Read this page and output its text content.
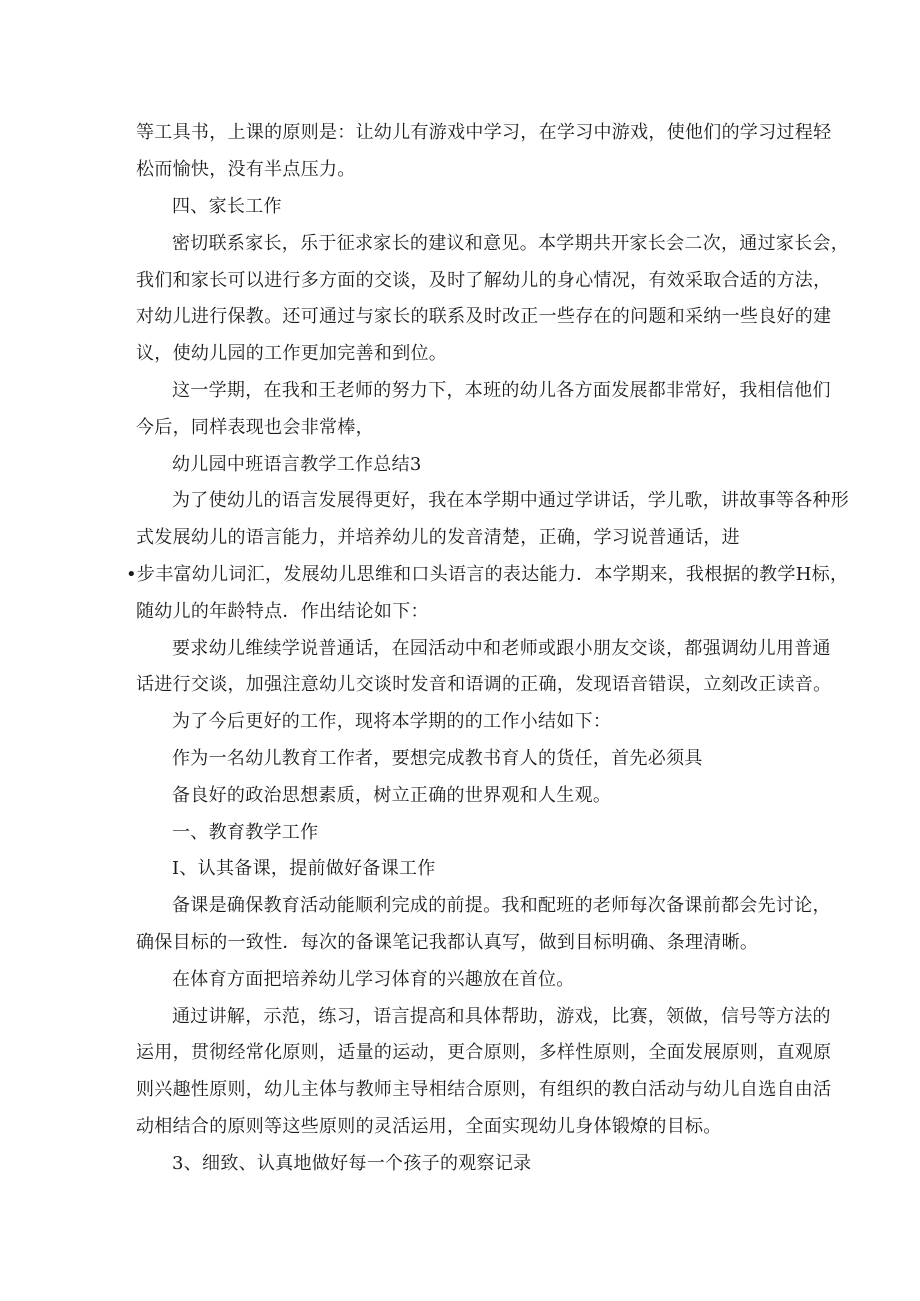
等工具书，上课的原则是：让幼儿有游戏中学习，在学习中游戏，使他们的学习过程轻
松而愉快，没有半点压力。
四、家长工作
密切联系家长，乐于征求家长的建议和意见。本学期共开家长会二次，通过家长会，
我们和家长可以进行多方面的交谈，及时了解幼儿的身心情况，有效采取合适的方法，
对幼儿进行保教。还可通过与家长的联系及时改正一些存在的问题和采纳一些良好的建
议，使幼儿园的工作更加完善和到位。
这一学期，在我和王老师的努力下，本班的幼儿各方面发展都非常好，我相信他们
今后，同样表现也会非常棒，
幼儿园中班语言教学工作总结3
为了使幼儿的语言发展得更好，我在本学期中通过学讲话，学儿歌，讲故事等各种形
式发展幼儿的语言能力，并培养幼儿的发音清楚，正确，学习说普通话，进
•步丰富幼儿词汇，发展幼儿思维和口头语言的表达能力．本学期来，我根据的教学H标，
随幼儿的年龄特点．作出结论如下：
要求幼儿维续学说普通话，在园活动中和老师或跟小朋友交谈，都强调幼儿用普通
话进行交谈，加强注意幼儿交谈时发音和语调的正确，发现语音错误，立刻改正读音。
为了今后更好的工作，现将本学期的的工作小结如下：
作为一名幼儿教育工作者，要想完成教书育人的货任，首先必须具
备良好的政治思想素质，树立正确的世界观和人生观。
一、教育教学工作
I、认其备课，提前做好备课工作
备课是确保教育活动能顺利完成的前提。我和配班的老师每次备课前都会先讨论，
确保目标的一致性．每次的备课笔记我都认真写，做到目标明确、条理清晰。
在体育方面把培养幼儿学习体育的兴趣放在首位。
通过讲解，示范，练习，语言提高和具体帮助，游戏，比赛，领做，信号等方法的
运用，贯彻经常化原则，适量的运动，更合原则，多样性原则，全面发展原则，直观原
则兴趣性原则，幼儿主体与教师主导相结合原则，有组织的教白活动与幼儿自选自由活
动相结合的原则等这些原则的灵活运用，全面实现幼儿身体锻燎的目标。
3、细致、认真地做好每一个孩子的观察记录
